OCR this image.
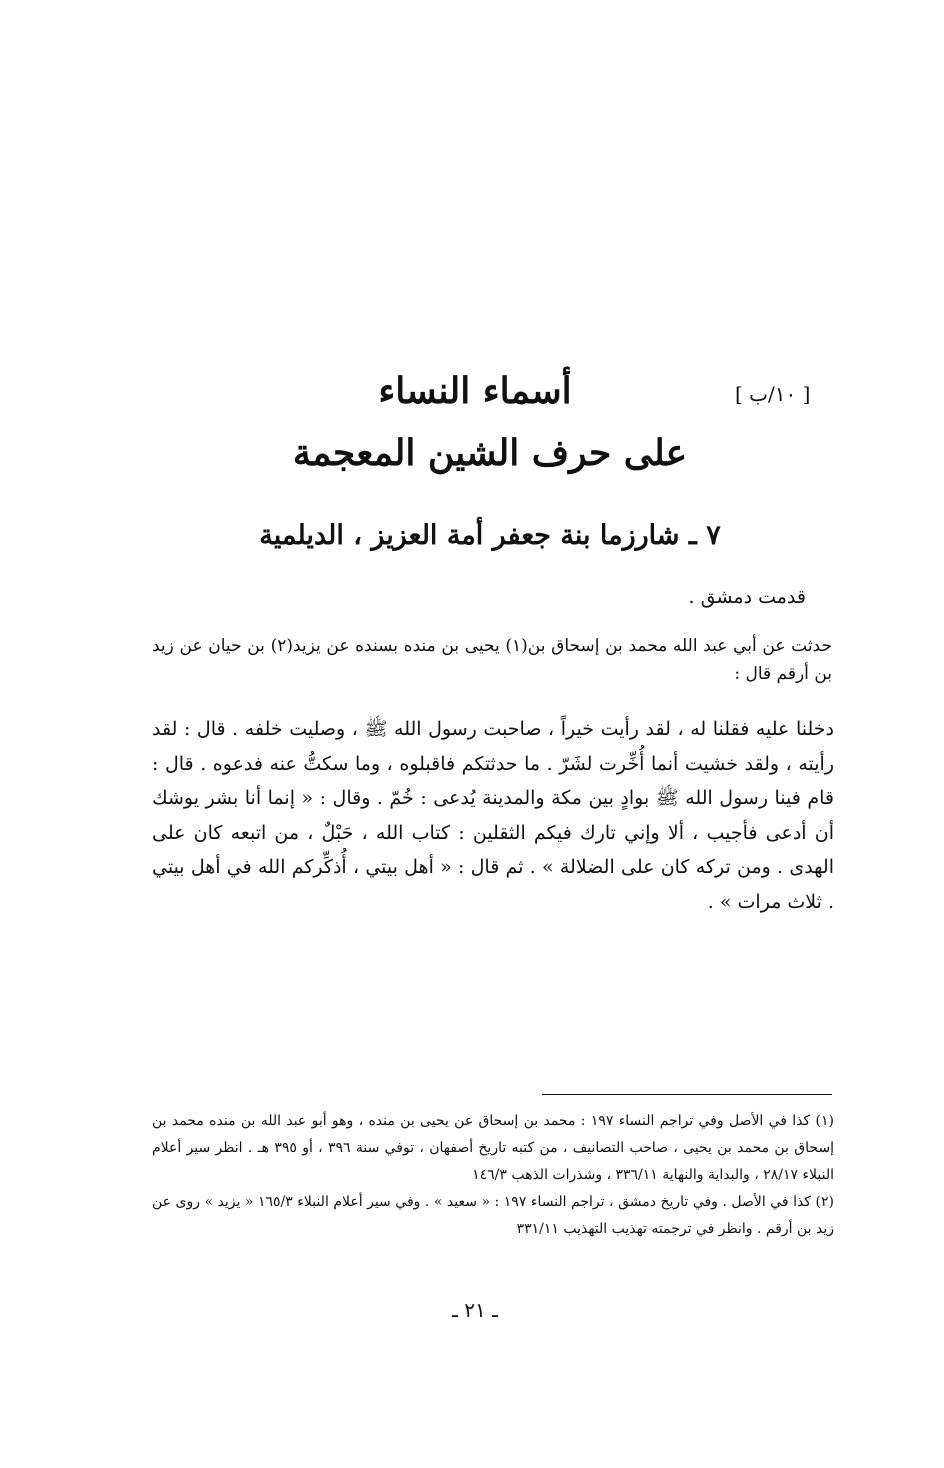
[ ١٠/ب ]
أسماء النساء
على حرف الشين المعجمة
٧ ـ شارزما بنة جعفر أمة العزيز ، الديلمية
قدمت دمشق .
حدثت عن أبي عبد الله محمد بن إسحاق بن(١) يحيى بن منده بسنده عن يزيد(٢) بن حيان عن زيد بن أرقم قال :
دخلنا عليه فقلنا له ، لقد رأيت خيراً ، صاحبت رسول الله ﷺ ، وصليت خلفه . قال : لقد رأيته ، ولقد خشيت أنما أُخِّرت لشَرّ . ما حدثتكم فاقبلوه ، وما سكتُّ عنه فدعوه . قال : قام فينا رسول الله ﷺ بوادٍ بين مكة والمدينة يُدعى : خُمّ . وقال : « إنما أنا بشر يوشك أن أدعى فأجيب ، ألا وإني تارك فيكم الثقلين : كتاب الله ، حَبْلٌ ، من اتبعه كان على الهدى . ومن تركه كان على الضلالة » . ثم قال : « أهل بيتي ، أُذكِّركم الله في أهل بيتي . ثلاث مرات » .

(١) كذا في الأصل وفي تراجم النساء ١٩٧ : محمد بن إسحاق عن يحيى بن منده ، وهو أبو عبد الله بن منده محمد بن إسحاق بن محمد بن يحيى ، صاحب التصانيف ، من كتبه تاريخ أصفهان ، توفي سنة ٣٩٦ ، أو ٣٩٥ هـ . انظر سير أعلام النبلاء ٢٨/١٧ ، والبداية والنهاية ٣٣٦/١١ ، وشذرات الذهب ١٤٦/٣

(٢) كذا في الأصل . وفي تاريخ دمشق ، تراجم النساء ١٩٧ : « سعيد » . وفي سير أعلام النبلاء ١٦٥/٣ « يزيد » روى عن زيد بن أرقم . وانظر في ترجمته تهذيب التهذيب ٣٣١/١١

ـ ٢١ ـ
